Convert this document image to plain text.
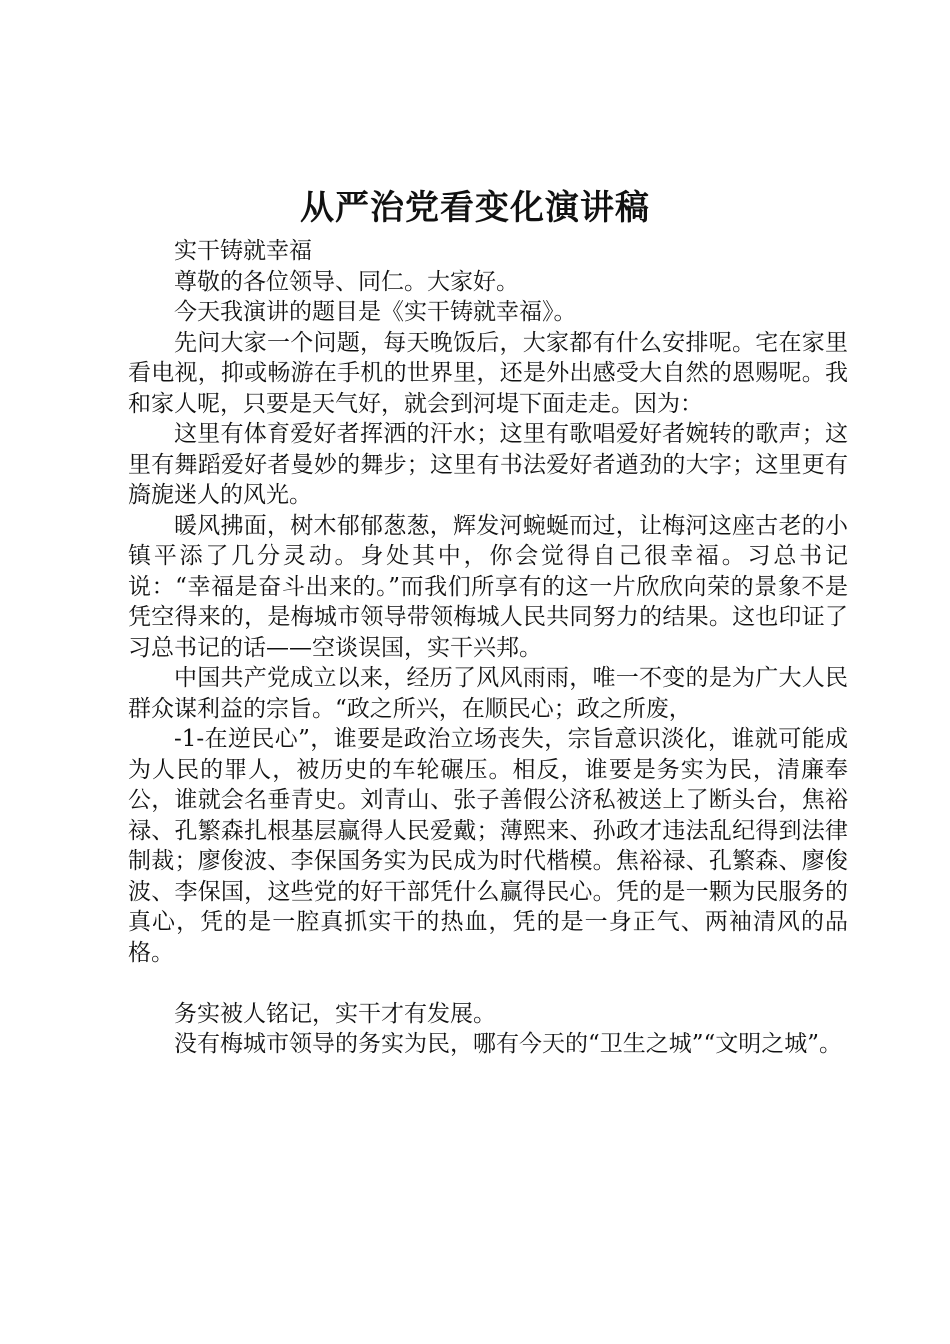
从严治党看变化演讲稿

实干铸就幸福

尊敬的各位领导、同仁。大家好。

今天我演讲的题目是《实干铸就幸福》。

先问大家一个问题，每天晚饭后，大家都有什么安排呢。宅在家里看电视，抑或畅游在手机的世界里，还是外出感受大自然的恩赐呢。我和家人呢，只要是天气好，就会到河堤下面走走。因为：

这里有体育爱好者挥洒的汗水；这里有歌唱爱好者婉转的歌声；这里有舞蹈爱好者曼妙的舞步；这里有书法爱好者遒劲的大字；这里更有旖旎迷人的风光。

暖风拂面，树木郁郁葱葱，辉发河蜿蜒而过，让梅河这座古老的小镇平添了几分灵动。身处其中，你会觉得自己很幸福。习总书记说：“幸福是奋斗出来的。”而我们所享有的这一片欣欣向荣的景象不是凭空得来的，是梅城市领导带领梅城人民共同努力的结果。这也印证了习总书记的话——空谈误国，实干兴邦。

中国共产党成立以来，经历了风风雨雨，唯一不变的是为广大人民群众谋利益的宗旨。“政之所兴，在顺民心；政之所废，

-1-在逆民心”，谁要是政治立场丧失，宗旨意识淡化，谁就可能成为人民的罪人，被历史的车轮碾压。相反，谁要是务实为民，清廉奉公，谁就会名垂青史。刘青山、张子善假公济私被送上了断头台，焦裕禄、孔繁森扎根基层赢得人民爱戴；薄熙来、孙政才违法乱纪得到法律制裁；廖俊波、李保国务实为民成为时代楷模。焦裕禄、孔繁森、廖俊波、李保国，这些党的好干部凭什么赢得民心。凭的是一颗为民服务的真心，凭的是一腔真抓实干的热血，凭的是一身正气、两袖清风的品格。

务实被人铭记，实干才有发展。

没有梅城市领导的务实为民，哪有今天的“卫生之城”“文明之城”。
